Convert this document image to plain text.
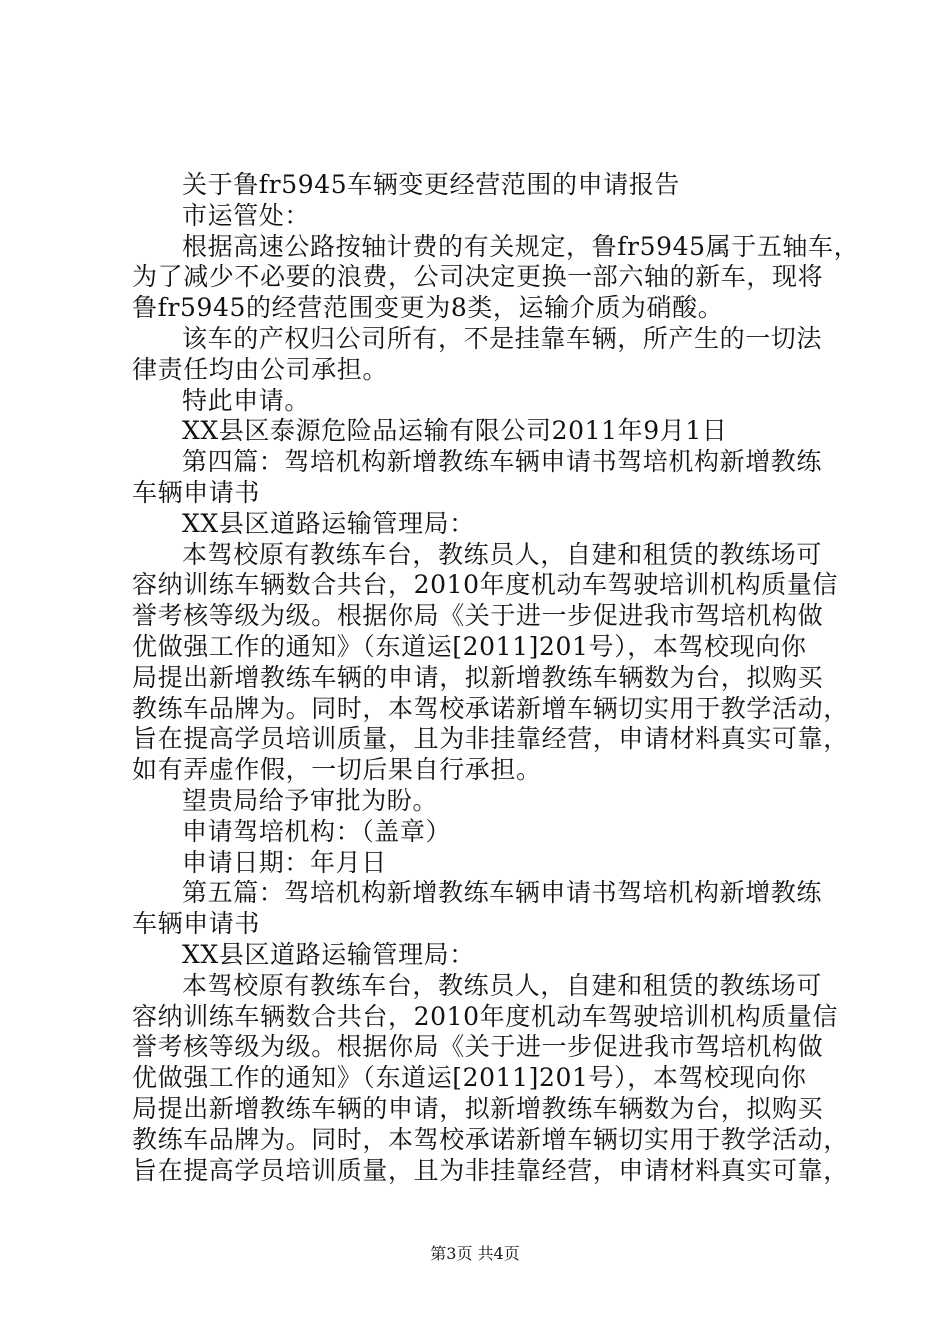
关于鲁fr5945车辆变更经营范围的申请报告
市运管处：
根据高速公路按轴计费的有关规定，鲁fr5945属于五轴车，
为了减少不必要的浪费，公司决定更换一部六轴的新车，现将
鲁fr5945的经营范围变更为8类，运输介质为硝酸。
该车的产权归公司所有，不是挂靠车辆，所产生的一切法
律责任均由公司承担。
特此申请。
XX县区泰源危险品运输有限公司2011年9月1日
第四篇：驾培机构新增教练车辆申请书驾培机构新增教练
车辆申请书
XX县区道路运输管理局：
本驾校原有教练车台，教练员人，自建和租赁的教练场可
容纳训练车辆数合共台，2010年度机动车驾驶培训机构质量信
誉考核等级为级。根据你局《关于进一步促进我市驾培机构做
优做强工作的通知》（东道运[2011]201号），本驾校现向你
局提出新增教练车辆的申请，拟新增教练车辆数为台，拟购买
教练车品牌为。同时，本驾校承诺新增车辆切实用于教学活动，
旨在提高学员培训质量，且为非挂靠经营，申请材料真实可靠，
如有弄虚作假，一切后果自行承担。
望贵局给予审批为盼。
申请驾培机构：（盖章）
申请日期：年月日
第五篇：驾培机构新增教练车辆申请书驾培机构新增教练
车辆申请书
XX县区道路运输管理局：
本驾校原有教练车台，教练员人，自建和租赁的教练场可
容纳训练车辆数合共台，2010年度机动车驾驶培训机构质量信
誉考核等级为级。根据你局《关于进一步促进我市驾培机构做
优做强工作的通知》（东道运[2011]201号），本驾校现向你
局提出新增教练车辆的申请，拟新增教练车辆数为台，拟购买
教练车品牌为。同时，本驾校承诺新增车辆切实用于教学活动，
旨在提高学员培训质量，且为非挂靠经营，申请材料真实可靠，
第3页 共4页
